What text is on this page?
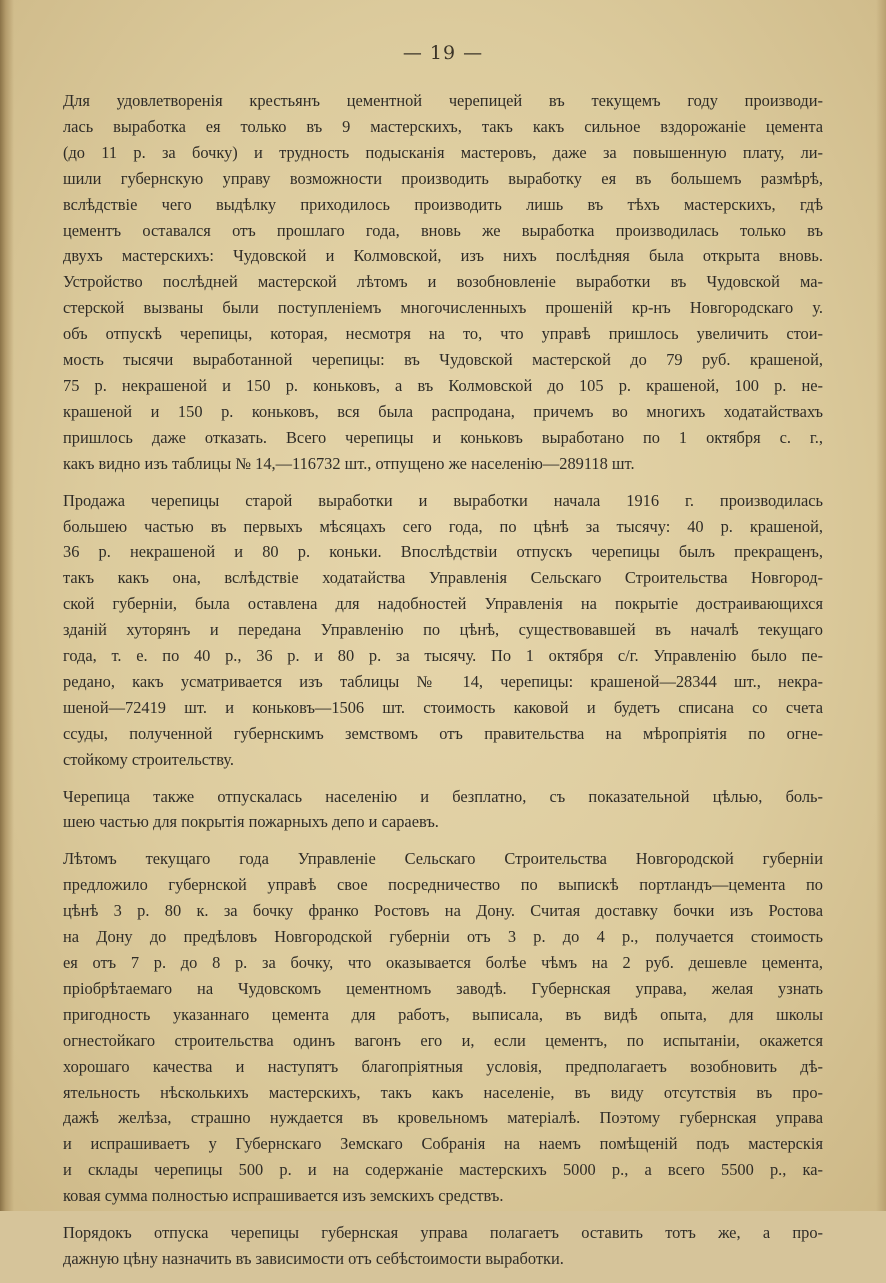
— 19 —

Для удовлетворенія крестьянъ цементной черепицей въ текущемъ году производи-
лась выработка ея только въ 9 мастерскихъ, такъ какъ сильное вздорожаніе цемента
(до 11 р. за бочку) и трудность подысканія мастеровъ, даже за повышенную плату, ли-
шили губернскую управу возможности производить выработку ея въ большемъ размѣрѣ,
вслѣдствіе чего выдѣлку приходилось производить лишь въ тѣхъ мастерскихъ, гдѣ
цементъ оставался отъ прошлаго года, вновь же выработка производилась только въ
двухъ мастерскихъ: Чудовской и Колмовской, изъ нихъ послѣдняя была открыта вновь.
Устройство послѣдней мастерской лѣтомъ и возобновленіе выработки въ Чудовской ма-
стерской вызваны были поступленіемъ многочисленныхъ прошеній кр-нъ Новгородскаго у.
объ отпускѣ черепицы, которая, несмотря на то, что управѣ пришлось увеличить стои-
мость тысячи выработанной черепицы: въ Чудовской мастерской до 79 руб. крашеной,
75 р. некрашеной и 150 р. коньковъ, а въ Колмовской до 105 р. крашеной, 100 р. не-
крашеной и 150 р. коньковъ, вся была распродана, причемъ во многихъ ходатайствахъ
пришлось даже отказать. Всего черепицы и коньковъ выработано по 1 октября с. г.,
какъ видно изъ таблицы № 14,—116732 шт., отпущено же населенію—289118 шт.

Продажа черепицы старой выработки и выработки начала 1916 г. производилась
большею частью въ первыхъ мѣсяцахъ сего года, по цѣнѣ за тысячу: 40 р. крашеной,
36 р. некрашеной и 80 р. коньки. Впослѣдствіи отпускъ черепицы былъ прекращенъ,
такъ какъ она, вслѣдствіе ходатайства Управленія Сельскаго Строительства Новгород-
ской губерніи, была оставлена для надобностей Управленія на покрытіе достраивающихся
зданій хуторянъ и передана Управленію по цѣнѣ, существовавшей въ началѣ текущаго
года, т. е. по 40 р., 36 р. и 80 р. за тысячу. По 1 октября с/г. Управленію было пе-
редано, какъ усматривается изъ таблицы № 14, черепицы: крашеной—28344 шт., некра-
шеной—72419 шт. и коньковъ—1506 шт. стоимость каковой и будетъ списана со счета
ссуды, полученной губернскимъ земствомъ отъ правительства на мѣропріятія по огне-
стойкому строительству.

Черепица также отпускалась населенію и безплатно, съ показательной цѣлью, боль-
шею частью для покрытія пожарныхъ депо и сараевъ.

Лѣтомъ текущаго года Управленіе Сельскаго Строительства Новгородской губерніи
предложило губернской управѣ свое посредничество по выпискѣ портландъ—цемента по
цѣнѣ 3 р. 80 к. за бочку франко Ростовъ на Дону. Считая доставку бочки изъ Ростова
на Дону до предѣловъ Новгородской губерніи отъ 3 р. до 4 р., получается стоимость
ея отъ 7 р. до 8 р. за бочку, что оказывается болѣе чѣмъ на 2 руб. дешевле цемента,
пріобрѣтаемаго на Чудовскомъ цементномъ заводѣ. Губернская управа, желая узнать
пригодность указаннаго цемента для работъ, выписала, въ видѣ опыта, для школы
огнестойкаго строительства одинъ вагонъ его и, если цементъ, по испытаніи, окажется
хорошаго качества и наступятъ благопріятныя условія, предполагаетъ возобновить дѣ-
ятельность нѣсколькихъ мастерскихъ, такъ какъ населеніе, въ виду отсутствія въ про-
дажѣ желѣза, страшно нуждается въ кровельномъ матеріалѣ. Поэтому губернская управа
и испрашиваетъ у Губернскаго Земскаго Собранія на наемъ помѣщеній подъ мастерскія
и склады черепицы 500 р. и на содержаніе мастерскихъ 5000 р., а всего 5500 р., ка-
ковая сумма полностью испрашивается изъ земскихъ средствъ.

Порядокъ отпуска черепицы губернская управа полагаетъ оставить тотъ же, а про-
дажную цѣну назначить въ зависимости отъ себѣстоимости выработки.
